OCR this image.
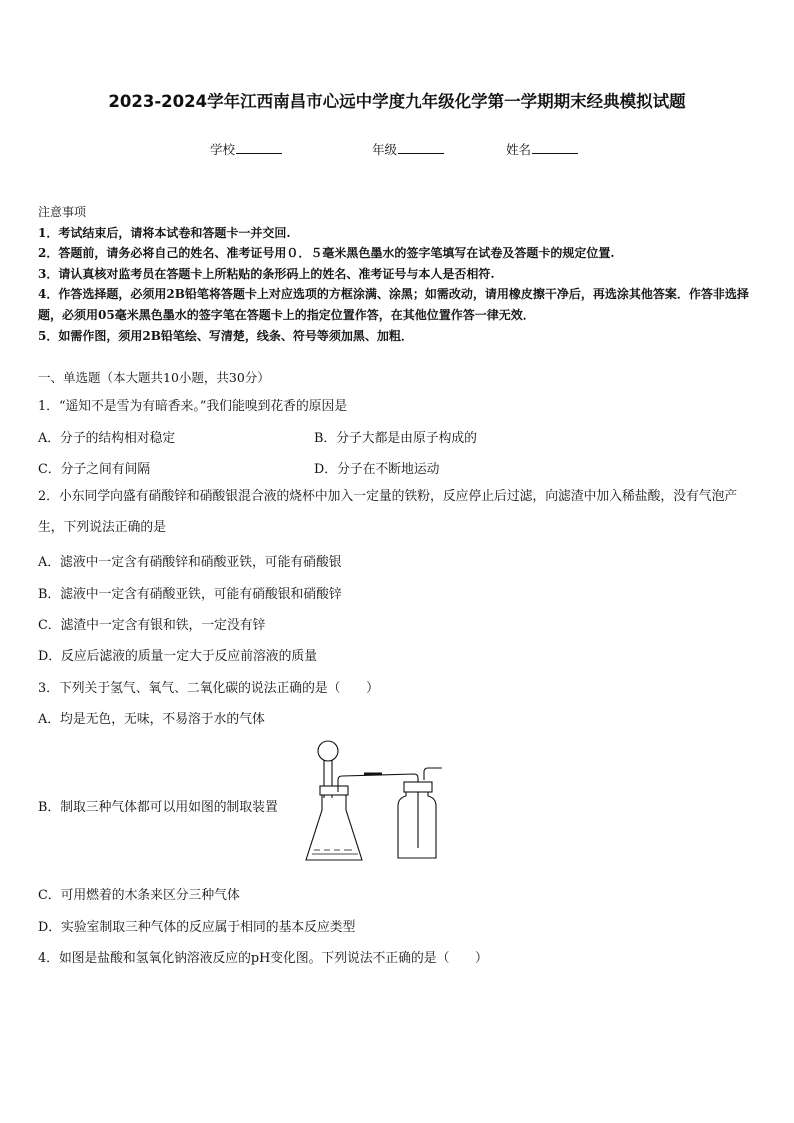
2023-2024学年江西南昌市心远中学度九年级化学第一学期期末经典模拟试题
学校	年级	姓名

注意事项

1．考试结束后，请将本试卷和答题卡一并交回.

2．答题前，请务必将自己的姓名、准考证号用０．５毫米黑色墨水的签字笔填写在试卷及答题卡的规定位置.

3．请认真核对监考员在答题卡上所粘贴的条形码上的姓名、准考证号与本人是否相符.

4．作答选择题，必须用2B铅笔将答题卡上对应选项的方框涂满、涂黑；如需改动，请用橡皮擦干净后，再选涂其他答案．作答非选择题，必须用05毫米黑色墨水的签字笔在答题卡上的指定位置作答，在其他位置作答一律无效．

5．如需作图，须用2B铅笔绘、写清楚，线条、符号等须加黑、加粗．

一、单选题（本大题共10小题，共30分）
1．“遥知不是雪为有暗香来。”我们能嗅到花香的原因是
A．分子的结构相对稳定	B．分子大都是由原子构成的
C．分子之间有间隔	D．分子在不断地运动
2．小东同学向盛有硝酸锌和硝酸银混合液的烧杯中加入一定量的铁粉，反应停止后过滤，向滤渣中加入稀盐酸，没有气泡产生，下列说法正确的是
A．滤液中一定含有硝酸锌和硝酸亚铁，可能有硝酸银
B．滤液中一定含有硝酸亚铁，可能有硝酸银和硝酸锌
C．滤渣中一定含有银和铁，一定没有锌
D．反应后滤液的质量一定大于反应前溶液的质量
3．下列关于氢气、氧气、二氧化碳的说法正确的是（　　）
A．均是无色，无味，不易溶于水的气体
B．制取三种气体都可以用如图的制取装置
C．可用燃着的木条来区分三种气体
D．实验室制取三种气体的反应属于相同的基本反应类型
4．如图是盐酸和氢氧化钠溶液反应的pH变化图。下列说法不正确的是（　　）
